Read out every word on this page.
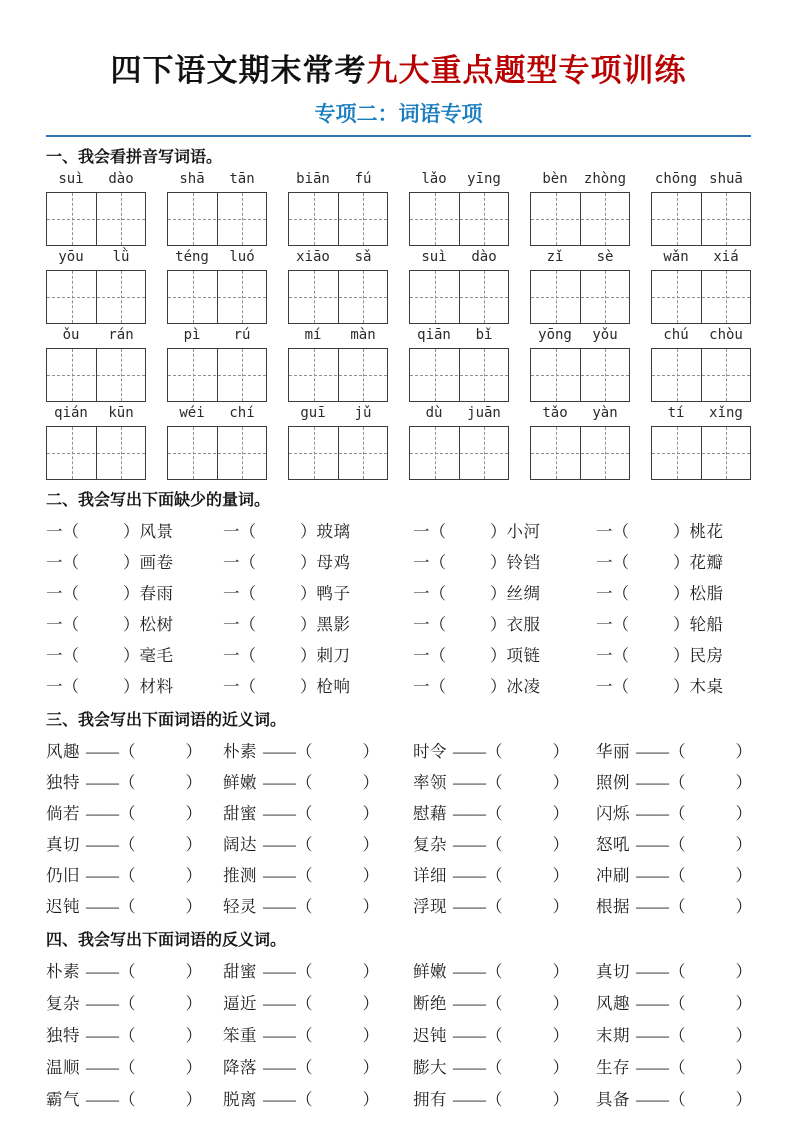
四下语文期末常考九大重点题型专项训练
专项二：词语专项
一、我会看拼音写词语。
suì	dào	shā	tān	biān	fú	lǎo	yīng	bèn	zhòng chōng shuā
yōu	lǜ	téng	luó	xiāo	sǎ	suì	dào	zǐ	sè	wǎn	xiá
ǒu	rán	pì	rú	mí	màn	qiān	bǐ	yōng	yǒu	chú	chòu
qián	kūn	wéi	chí	guī	jǔ	dù	juān	tǎo	yàn	tí	xǐng
二、我会写出下面缺少的量词。
一（	） 风景	一（	） 玻璃	一（	） 小河	一（	） 桃花
一（	） 画卷	一（	） 母鸡	一（	） 铃铛	一（	） 花瓣
一（	） 春雨	一（	） 鸭子	一（	） 丝绸	一（	） 松脂
一（	） 松树	一（	） 黑影	一（	） 衣服	一（	） 轮船
一（	） 毫毛	一（	） 刺刀	一（	） 项链	一（	） 民房
一（	） 材料	一（	） 枪响	一（	） 冰凌	一（	） 木桌
三、我会写出下面词语的近义词。
风趣 ——（	） 朴素 ——（	） 时令 ——（	） 华丽 ——（	）
独特 ——（	） 鲜嫩 ——（	） 率领 ——（	） 照例 ——（	）
倘若 ——（	） 甜蜜 ——（	） 慰藉 ——（	） 闪烁 ——（	）
真切 ——（	） 阔达 ——（	） 复杂 ——（	） 怒吼 ——（	）
仍旧 ——（	） 推测 ——（	） 详细 ——（	） 冲刷 ——（	）
迟钝 ——（	） 轻灵 ——（	） 浮现 ——（	） 根据 ——（	）
四、我会写出下面词语的反义词。
朴素 ——（	） 甜蜜 ——（	） 鲜嫩 ——（	） 真切 ——（	）
复杂 ——（	） 逼近 ——（	） 断绝 ——（	） 风趣 ——（	）
独特 ——（	） 笨重 ——（	） 迟钝 ——（	） 末期 ——（	）
温顺 ——（	） 降落 ——（	） 膨大 ——（	） 生存 ——（	）
霸气 ——（	） 脱离 ——（	） 拥有 ——（	） 具备 ——（	）
